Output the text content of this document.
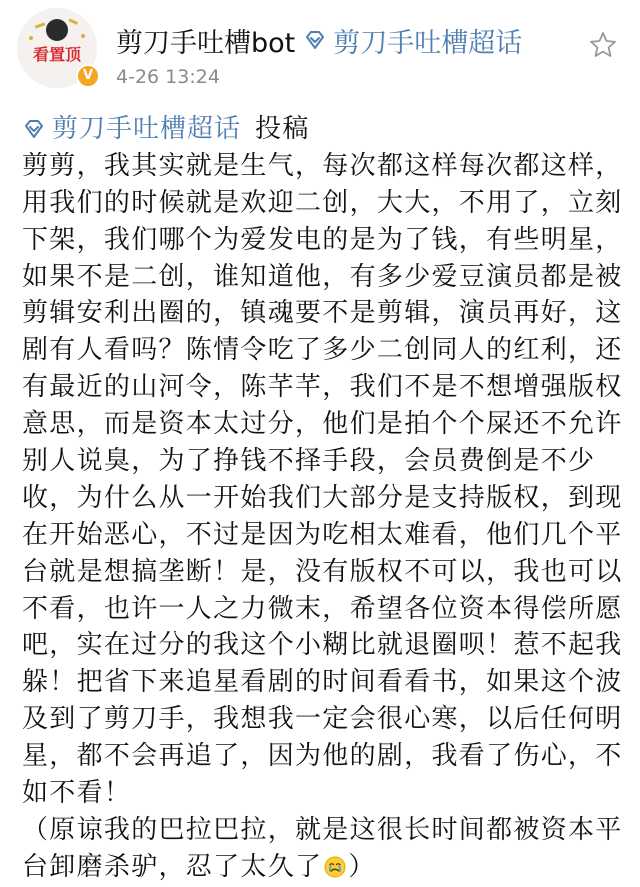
看置顶
V
剪刀手吐槽bot 剪刀手吐槽超话
4-26 13:24
剪刀手吐槽超话 投稿
剪剪，我其实就是生气，每次都这样每次都这样，
用我们的时候就是欢迎二创，大大，不用了，立刻
下架，我们哪个为爱发电的是为了钱，有些明星，
如果不是二创，谁知道他，有多少爱豆演员都是被
剪辑安利出圈的，镇魂要不是剪辑，演员再好，这
剧有人看吗？陈情令吃了多少二创同人的红利，还
有最近的山河令，陈芊芊，我们不是不想增强版权
意思，而是资本太过分，他们是拍个个屎还不允许
别人说臭，为了挣钱不择手段，会员费倒是不少
收，为什么从一开始我们大部分是支持版权，到现
在开始恶心，不过是因为吃相太难看，他们几个平
台就是想搞垄断！是，没有版权不可以，我也可以
不看，也许一人之力微末，希望各位资本得偿所愿
吧，实在过分的我这个小糊比就退圈呗！惹不起我
躲！把省下来追星看剧的时间看看书，如果这个波
及到了剪刀手，我想我一定会很心寒，以后任何明
星，都不会再追了，因为他的剧，我看了伤心，不
如不看！
（原谅我的巴拉巴拉，就是这很长时间都被资本平
台卸磨杀驴，忍了太久了 ）
